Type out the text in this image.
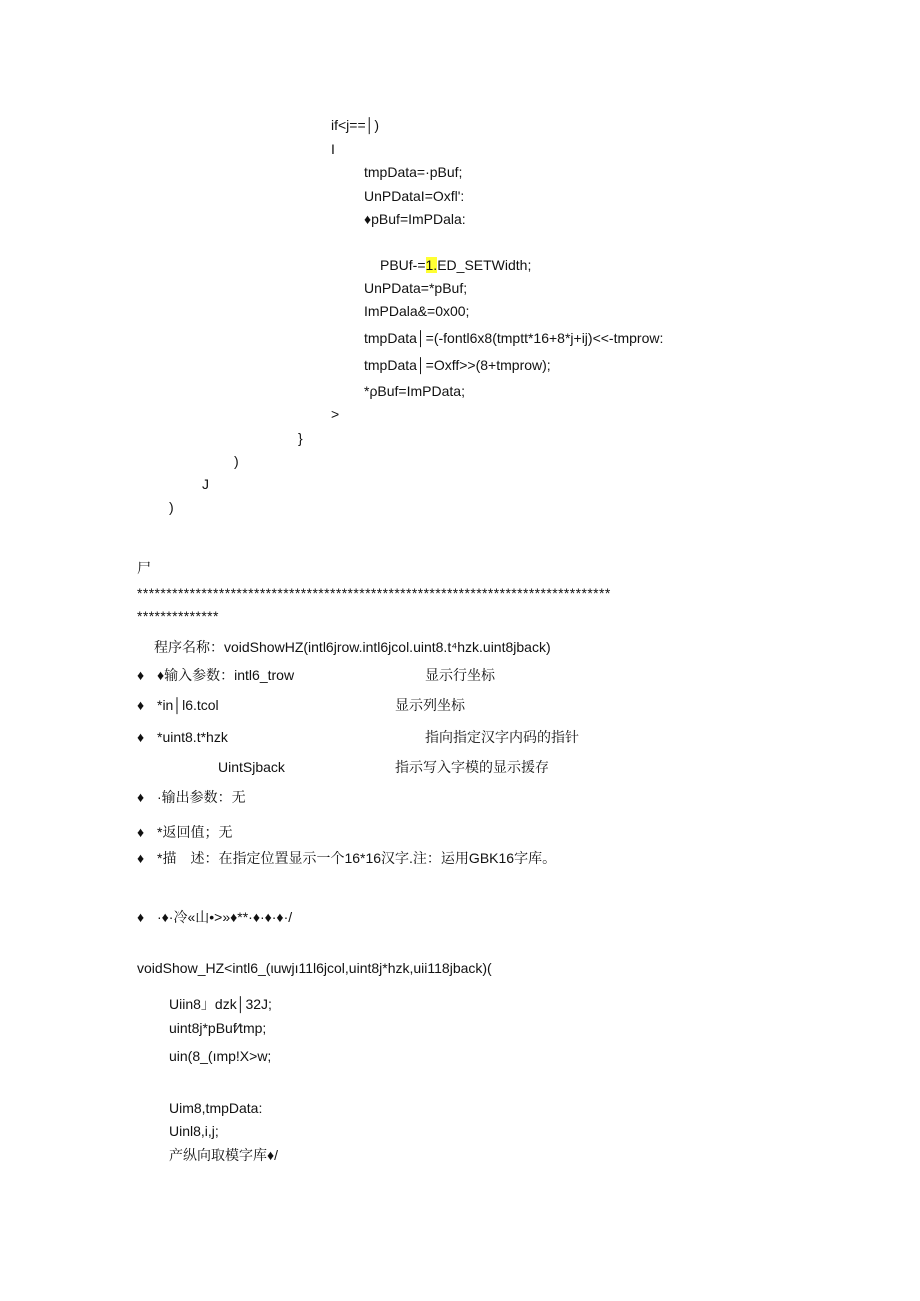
if<j==│)
I
tmpData=·pBuf;
UnPDataI=Oxfl':
♦pBuf=ImPDala:
PBUf-=1.ED_SETWidth;
UnPData=*pBuf;
ImPDala&=0x00;
tmpData│=(-fontl6x8(tmptt*16+8*j+ij)<<-tmprow:
tmpData│=Oxff>>(8+tmprow);
*ρBuf=ImPData;
>
}
)
J
)
尸
*********************************************************************************
**************
程序名称：voidShowHZ(intl6jrow.intl6jcol.uint8.t⁴hzk.uint8jback)
♦ ♦输入参数：intl6_trow	显示行坐标
♦ *in│l6.tcol	显示列坐标
♦ *uint8.t*hzk	指向指定汉字内码的指针
UintSjback	指示写入字模的显示援存
♦ ·输出参数：无
♦ *返回值；无
♦ *描　述：在指定位置显示一个16*16汉字.注：运用GBK16字库。
♦ ·♦·冷«山•>»♦**·♦·♦·♦·/
voidShow_HZ<intl6_(ιuwjı11l6jcol,uint8j*hzk,uii118jback)(
Uiin8」dzk│32J;
uint8j*pBuf⁄tmp;
uin(8_(ımp!X>w;
Uim8,tmpData:
Uinl8,i,j;
产纵向取模字库♦/
